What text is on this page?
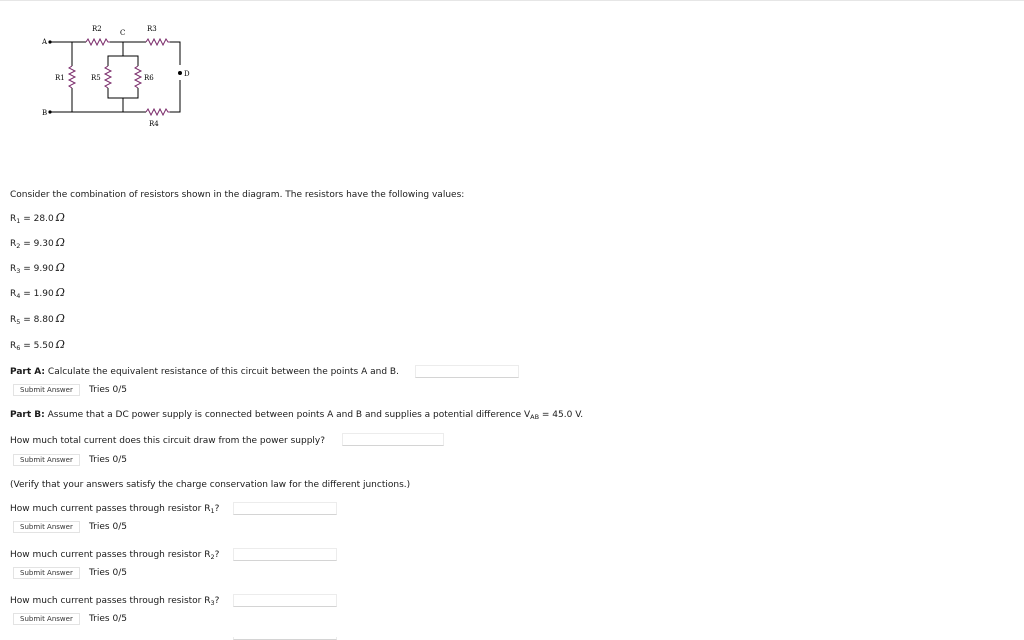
A
B
C
D
R2	R3
R1	R5	R6
R4
Consider the combination of resistors shown in the diagram. The resistors have the following values:
$R_1 = 28.0$ Ω
$R_2 = 9.30$ Ω
$R_3 = 9.90$ Ω
$R_4 = 1.90$ Ω
$R_5 = 8.80$ Ω
$R_6 = 5.50$ Ω
Part A: Calculate the equivalent resistance of this circuit between the points A and B.
Submit Answer	Tries 0/5
Part B: Assume that a DC power supply is connected between points A and B and supplies a potential difference $V_{AB} = 45.0$ V.
How much total current does this circuit draw from the power supply?
Submit Answer	Tries 0/5
(Verify that your answers satisfy the charge conservation law for the different junctions.)
How much current passes through resistor $R_1$?
Submit Answer	Tries 0/5
How much current passes through resistor $R_2$?
Submit Answer	Tries 0/5
How much current passes through resistor $R_3$?
Submit Answer	Tries 0/5
